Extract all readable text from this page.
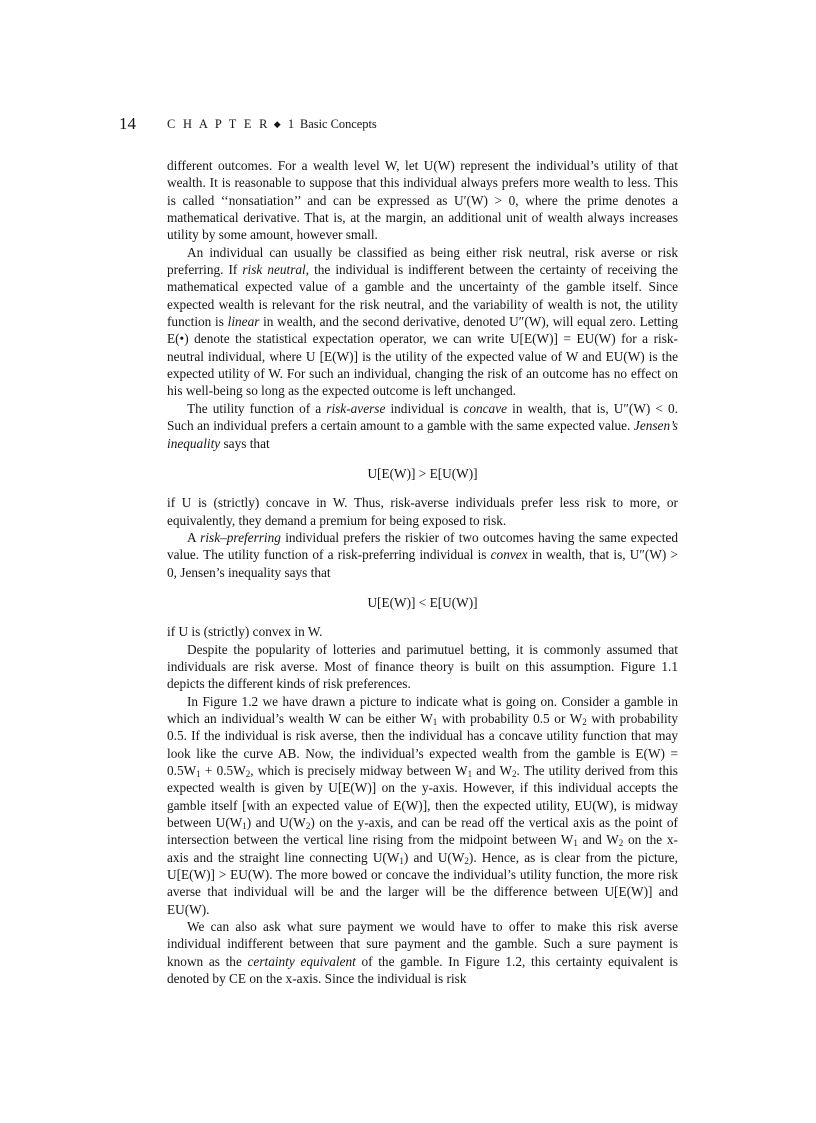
14	C H A P T E R ◆ 1 Basic Concepts

different outcomes. For a wealth level W, let U(W) represent the individual’s utility of that wealth. It is reasonable to suppose that this individual always prefers more wealth to less. This is called ‘‘nonsatiation’’ and can be expressed as U′(W) > 0, where the prime denotes a mathematical derivative. That is, at the margin, an additional unit of wealth always increases utility by some amount, however small.

An individual can usually be classified as being either risk neutral, risk averse or risk preferring. If risk neutral, the individual is indifferent between the certainty of receiving the mathematical expected value of a gamble and the uncertainty of the gamble itself. Since expected wealth is relevant for the risk neutral, and the variability of wealth is not, the utility function is linear in wealth, and the second derivative, denoted U″(W), will equal zero. Letting E(•) denote the statistical expectation operator, we can write U[E(W)] = EU(W) for a risk-neutral individual, where U [E(W)] is the utility of the expected value of W and EU(W) is the expected utility of W. For such an individual, changing the risk of an outcome has no effect on his well-being so long as the expected outcome is left unchanged.

The utility function of a risk-averse individual is concave in wealth, that is, U″(W) < 0. Such an individual prefers a certain amount to a gamble with the same expected value. Jensen’s inequality says that

U[E(W)] > E[U(W)]

if U is (strictly) concave in W. Thus, risk-averse individuals prefer less risk to more, or equivalently, they demand a premium for being exposed to risk.

A risk–preferring individual prefers the riskier of two outcomes having the same expected value. The utility function of a risk-preferring individual is convex in wealth, that is, U″(W) > 0, Jensen’s inequality says that

U[E(W)] < E[U(W)]

if U is (strictly) convex in W.

Despite the popularity of lotteries and parimutuel betting, it is commonly assumed that individuals are risk averse. Most of finance theory is built on this assumption. Figure 1.1 depicts the different kinds of risk preferences.

In Figure 1.2 we have drawn a picture to indicate what is going on. Consider a gamble in which an individual’s wealth W can be either $W_1$ with probability 0.5 or $W_2$ with probability 0.5. If the individual is risk averse, then the individual has a concave utility function that may look like the curve AB. Now, the individual’s expected wealth from the gamble is $E(W) = 0.5W_1 + 0.5W_2$, which is precisely midway between $W_1$ and $W_2$. The utility derived from this expected wealth is given by U[E(W)] on the y-axis. However, if this individual accepts the gamble itself [with an expected value of E(W)], then the expected utility, EU(W), is midway between $U(W_1)$ and $U(W_2)$ on the y-axis, and can be read off the vertical axis as the point of intersection between the vertical line rising from the midpoint between $W_1$ and $W_2$ on the x-axis and the straight line connecting $U(W_1)$ and $U(W_2)$. Hence, as is clear from the picture, U[E(W)] > EU(W). The more bowed or concave the individual’s utility function, the more risk averse that individual will be and the larger will be the difference between U[E(W)] and EU(W).

We can also ask what sure payment we would have to offer to make this risk averse individual indifferent between that sure payment and the gamble. Such a sure payment is known as the certainty equivalent of the gamble. In Figure 1.2, this certainty equivalent is denoted by CE on the x-axis. Since the individual is risk
